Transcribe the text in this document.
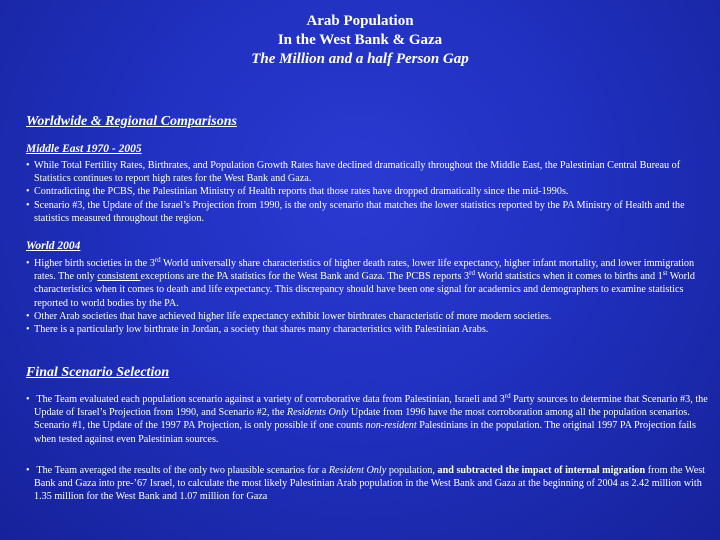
Arab Population
In the West Bank & Gaza
The Million and a half Person Gap
Worldwide & Regional Comparisons
Middle East 1970 - 2005

• While Total Fertility Rates, Birthrates, and Population Growth Rates have declined dramatically throughout the Middle East, the Palestinian Central Bureau of Statistics continues to report high rates for the West Bank and Gaza.

• Contradicting the PCBS, the Palestinian Ministry of Health reports that those rates have dropped dramatically since the mid-1990s.

• Scenario #3, the Update of the Israel’s Projection from 1990, is the only scenario that matches the lower statistics reported by the PA Ministry of Health and the statistics measured throughout the region.

World 2004

• Higher birth societies in the 3rd World universally share characteristics of higher death rates, lower life expectancy, higher infant mortality, and lower immigration rates. The only consistent exceptions are the PA statistics for the West Bank and Gaza. The PCBS reports 3rd World statistics when it comes to births and 1st World characteristics when it comes to death and life expectancy. This discrepancy should have been one signal for academics and demographers to examine statistics reported to world bodies by the PA.

• Other Arab societies that have achieved higher life expectancy exhibit lower birthrates characteristic of more modern societies.

• There is a particularly low birthrate in Jordan, a society that shares many characteristics with Palestinian Arabs.

Final Scenario Selection

• The Team evaluated each population scenario against a variety of corroborative data from Palestinian, Israeli and 3rd Party sources to determine that Scenario #3, the Update of Israel’s Projection from 1990, and Scenario #2, the Residents Only Update from 1996 have the most corroboration among all the population scenarios. Scenario #1, the Update of the 1997 PA Projection, is only possible if one counts non-resident Palestinians in the population. The original 1997 PA Projection fails when tested against even Palestinian sources.

• The Team averaged the results of the only two plausible scenarios for a Resident Only population, and subtracted the impact of internal migration from the West Bank and Gaza into pre-’67 Israel, to calculate the most likely Palestinian Arab population in the West Bank and Gaza at the beginning of 2004 as 2.42 million with 1.35 million for the West Bank and 1.07 million for Gaza
